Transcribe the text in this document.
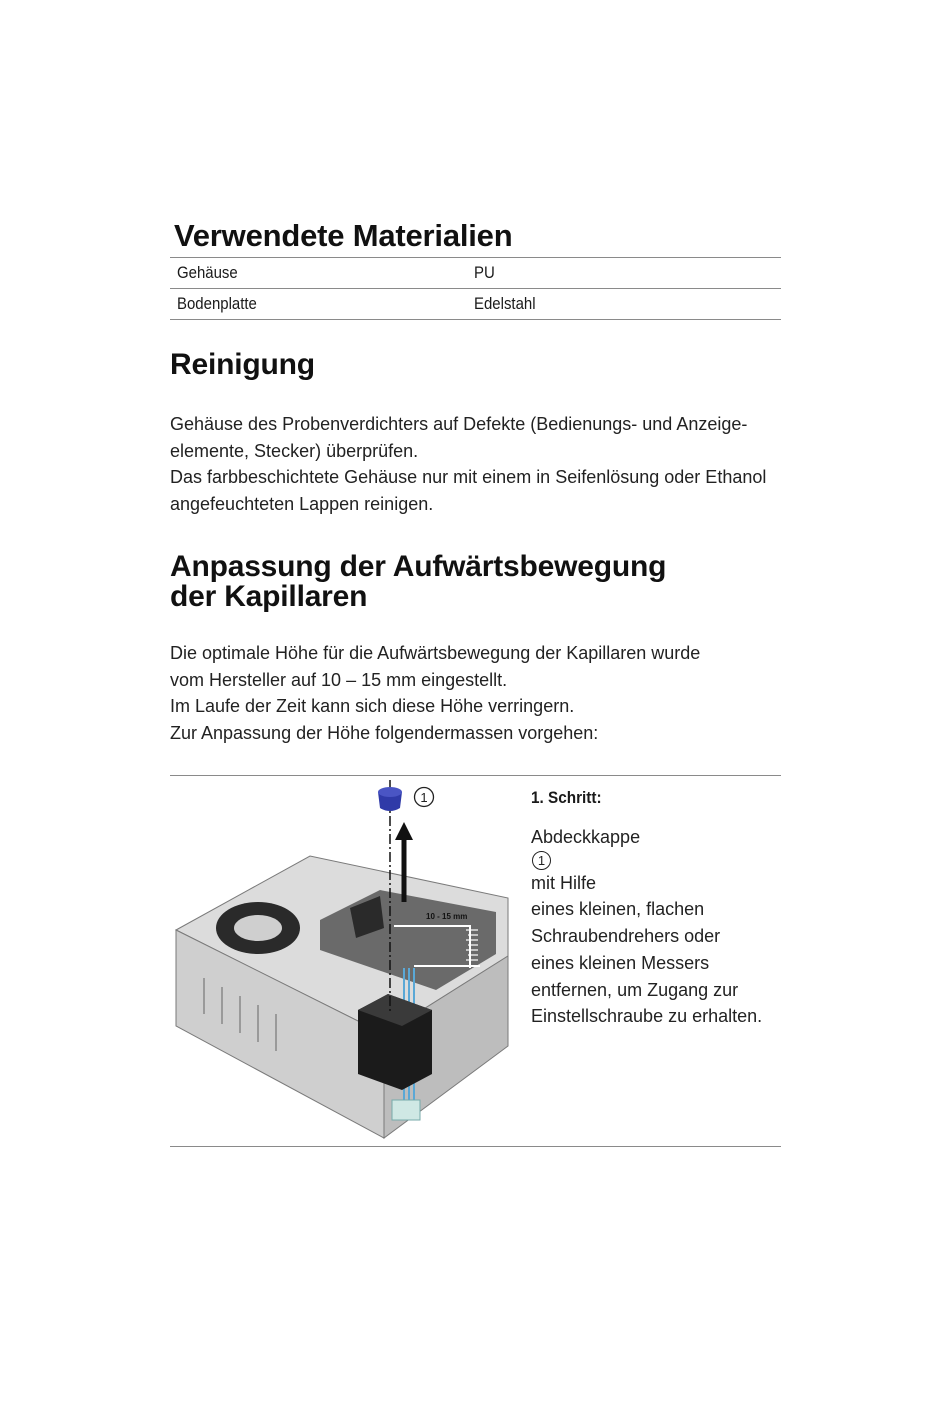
Verwendete Materialien
Gehäuse	PU
Bodenplatte	Edelstahl
Reinigung

Gehäuse des Probenverdichters auf Defekte (Bedienungs- und Anzeige-
elemente, Stecker) überprüfen.
Das farbbeschichtete Gehäuse nur mit einem in Seifenlösung oder Ethanol
angefeuchteten Lappen reinigen.

Anpassung der Aufwärtsbewegung
der Kapillaren

Die optimale Höhe für die Aufwärtsbewegung der Kapillaren wurde
vom Hersteller auf 10 – 15 mm eingestellt.
Im Laufe der Zeit kann sich diese Höhe verringern.
Zur Anpassung der Höhe folgendermassen vorgehen:

1
10 - 15 mm
1. Schritt:

Abdeckkappe
1
mit Hilfe
eines kleinen, flachen
Schraubendrehers oder
eines kleinen Messers
entfernen, um Zugang zur
Einstellschraube zu erhalten.
